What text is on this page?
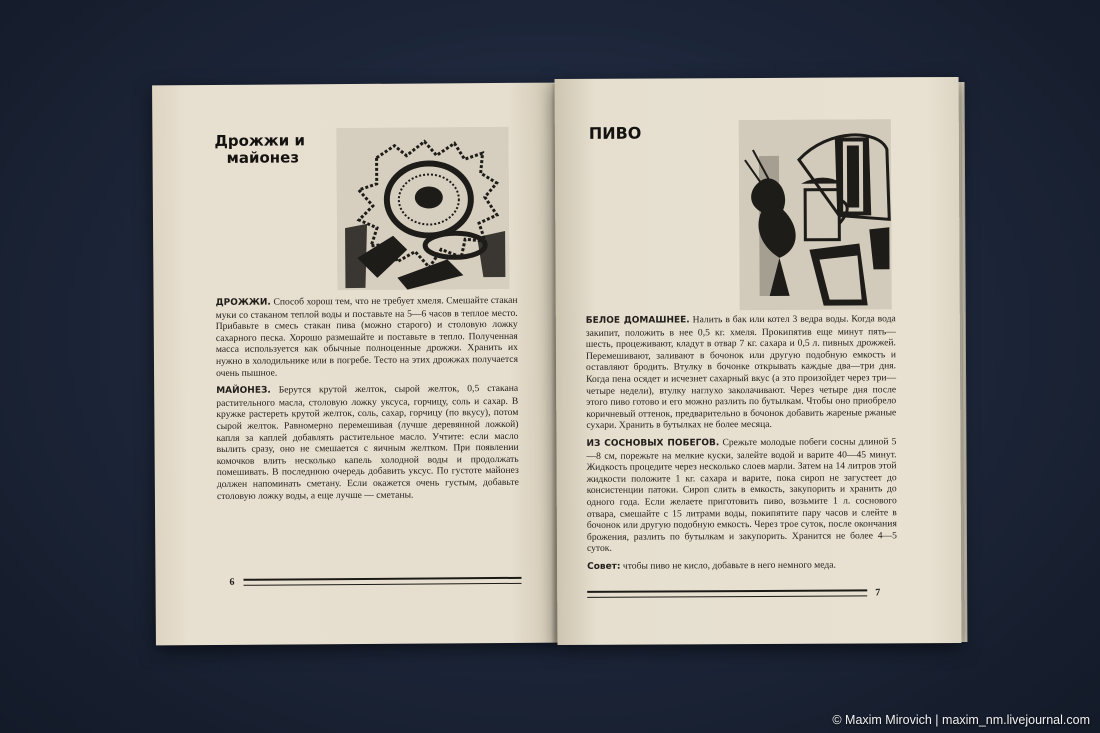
Дрожжи и
майонез

ДРОЖЖИ. Способ хорош тем, что не требует хмеля. Смешайте стакан муки со стаканом теплой воды и поставьте на 5—6 часов в теплое место. Прибавьте в смесь стакан пива (можно старого) и столовую ложку сахарного песка. Хорошо размешайте и поставьте в тепло. Полученная масса используется как обычные полноценные дрожжи. Хранить их нужно в холодильнике или в погребе. Тесто на этих дрожжах получается очень пышное.

МАЙОНЕЗ. Берутся крутой желток, сырой желток, 0,5 стакана растительного масла, столовую ложку уксуса, горчицу, соль и сахар. В кружке растереть крутой желток, соль, сахар, горчицу (по вкусу), потом сырой желток. Равномерно перемешивая (лучше деревянной ложкой) капля за каплей добавлять растительное масло. Учтите: если масло вылить сразу, оно не смешается с яичным желтком. При появлении комочков влить несколько капель холодной воды и продолжать помешивать. В последнюю очередь добавить уксус. По густоте майонез должен напоминать сметану. Если окажется очень густым, добавьте столовую ложку воды, а еще лучше — сметаны.

6
ПИВО

БЕЛОЕ ДОМАШНЕЕ. Налить в бак или котел 3 ведра воды. Когда вода закипит, положить в нее 0,5 кг. хмеля. Прокипятив еще минут пять—шесть, процеживают, кладут в отвар 7 кг. сахара и 0,5 л. пивных дрожжей. Перемешивают, заливают в бочонок или другую подобную емкость и оставляют бродить. Втулку в бочонке открывать каждые два—три дня. Когда пена осядет и исчезнет сахарный вкус (а это произойдет через три—четыре недели), втулку наглухо заколачивают. Через четыре дня после этого пиво готово и его можно разлить по бутылкам. Чтобы оно приобрело коричневый оттенок, предварительно в бочонок добавить жареные ржаные сухари. Хранить в бутылках не более месяца.

ИЗ СОСНОВЫХ ПОБЕГОВ. Срежьте молодые побеги сосны длиной 5—8 см, порежьте на мелкие куски, залейте водой и варите 40—45 минут. Жидкость процедите через несколько слоев марли. Затем на 14 литров этой жидкости положите 1 кг. сахара и варите, пока сироп не загустеет до консистенции патоки. Сироп слить в емкость, закупорить и хранить до одного года. Если желаете приготовить пиво, возьмите 1 л. соснового отвара, смешайте с 15 литрами воды, покипятите пару часов и слейте в бочонок или другую подобную емкость. Через трое суток, после окончания брожения, разлить по бутылкам и закупорить. Хранится не более 4—5 суток.

Совет: чтобы пиво не кисло, добавьте в него немного меда.

7
© Maxim Mirovich | maxim_nm.livejournal.com
